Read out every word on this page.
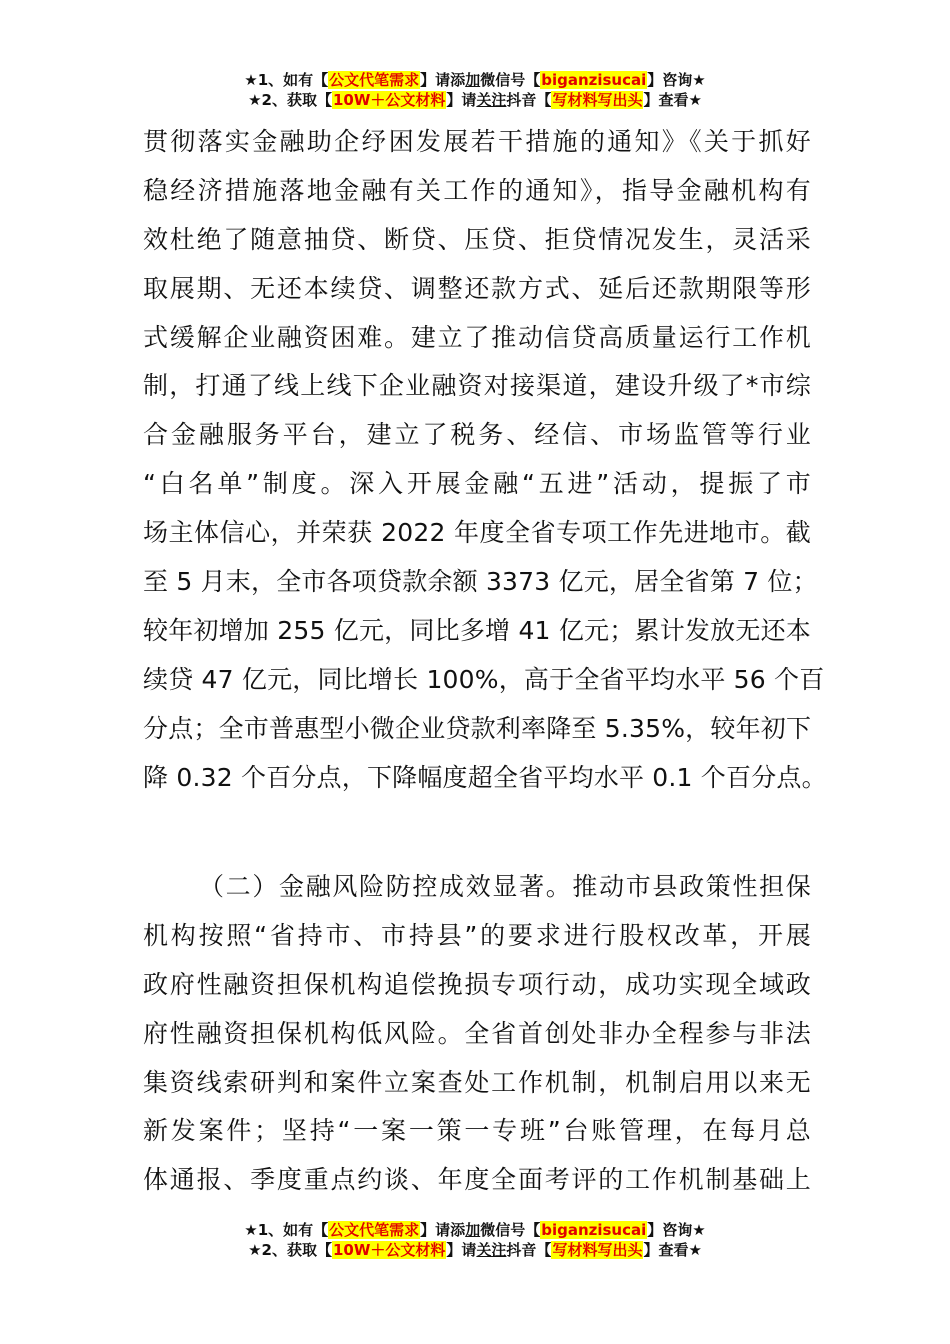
★1、如有【公文代笔需求】请添加微信号【biganzisucai】咨询★
★2、获取【10W＋公文材料】请关注抖音【写材料写出头】查看★
贯彻落实金融助企纾困发展若干措施的通知》《关于抓好
稳经济措施落地金融有关工作的通知》，指导金融机构有
效杜绝了随意抽贷、断贷、压贷、拒贷情况发生，灵活采
取展期、无还本续贷、调整还款方式、延后还款期限等形
式缓解企业融资困难。建立了推动信贷高质量运行工作机
制，打通了线上线下企业融资对接渠道，建设升级了*市综
合金融服务平台，建立了税务、经信、市场监管等行业
“白名单”制度。深入开展金融“五进”活动，提振了市
场主体信心，并荣获 2022 年度全省专项工作先进地市。截
至 5 月末，全市各项贷款余额 3373 亿元，居全省第 7 位；
较年初增加 255 亿元，同比多增 41 亿元；累计发放无还本
续贷 47 亿元，同比增长 100%，高于全省平均水平 56 个百
分点；全市普惠型小微企业贷款利率降至 5.35%，较年初下
降 0.32 个百分点，下降幅度超全省平均水平 0.1 个百分点。
（二）金融风险防控成效显著。推动市县政策性担保
机构按照“省持市、市持县”的要求进行股权改革，开展
政府性融资担保机构追偿挽损专项行动，成功实现全域政
府性融资担保机构低风险。全省首创处非办全程参与非法
集资线索研判和案件立案查处工作机制，机制启用以来无
新发案件；坚持“一案一策一专班”台账管理，在每月总
体通报、季度重点约谈、年度全面考评的工作机制基础上
★1、如有【公文代笔需求】请添加微信号【biganzisucai】咨询★
★2、获取【10W＋公文材料】请关注抖音【写材料写出头】查看★
